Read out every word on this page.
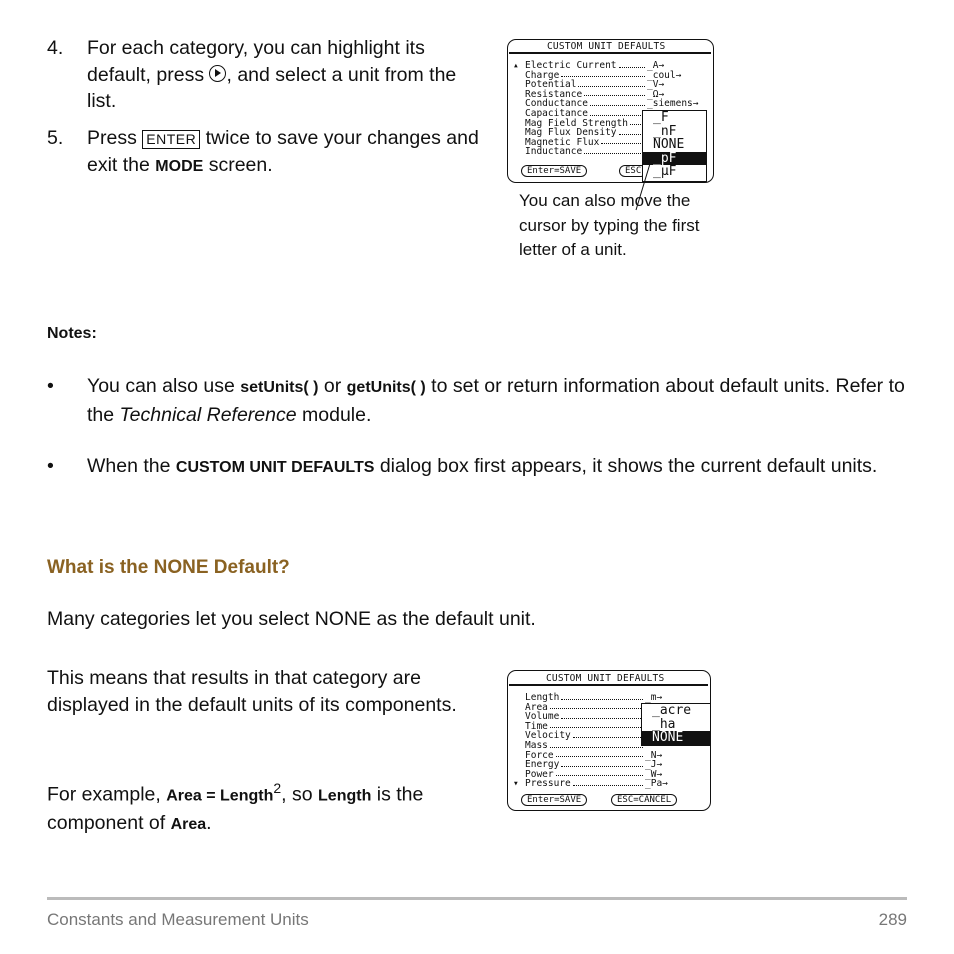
4.	For each category, you can highlight its default, press , and select a unit from the list.
5.	Press ENTER twice to save your changes and exit the MODE screen.
CUSTOM UNIT DEFAULTS
▴ Electric Current	_A→
Charge	_coul→
Potential	_V→
Resistance	_Ω→
Conductance	_siemens→
Capacitance
Mag Field Strength
Mag Flux Density
Magnetic Flux
Inductance
Enter=SAVE	ESC
_F
_nF
NONE
_pF
_μF
You can also move the cursor by typing the first letter of a unit.
Notes:
•	You can also use setUnits( ) or getUnits( ) to set or return information about default units. Refer to the Technical Reference module.
•	When the CUSTOM UNIT DEFAULTS dialog box first appears, it shows the current default units.
What is the NONE Default?
Many categories let you select NONE as the default unit.
This means that results in that category are displayed in the default units of its components.
For example, Area = Length$^2$, so Length is the component of Area.
CUSTOM UNIT DEFAULTS
Length	_m→
Area
Volume
Time
Velocity
Mass
Force	_N→
Energy	_J→
Power	_W→
▾ Pressure	_Pa→
Enter=SAVE	ESC=CANCEL
_acre
_ha
NONE
Constants and Measurement Units	289
